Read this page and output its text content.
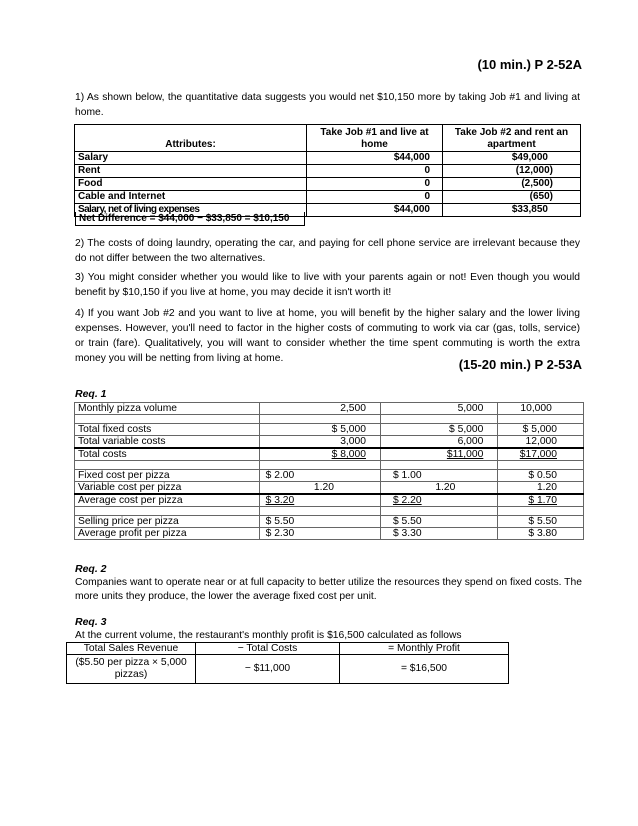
(10 min.) P 2-52A
1) As shown below, the quantitative data suggests you would net $10,150 more by taking Job #1 and living at home.
Attributes:	Take Job #1 and live at home	Take Job #2 and rent an apartment
Salary	$44,000	$49,000
Rent	0	(12,000)
Food	0	(2,500)
Cable and Internet	0	(650)
Salary, net of living expenses	$44,000	$33,850
Net Difference = $44,000 − $33,850 = $10,150
2) The costs of doing laundry, operating the car, and paying for cell phone service are irrelevant because they do not differ between the two alternatives.
3) You might consider whether you would like to live with your parents again or not! Even though you would benefit by $10,150 if you live at home, you may decide it isn't worth it!
4) If you want Job #2 and you want to live at home, you will benefit by the higher salary and the lower living expenses. However, you'll need to factor in the higher costs of commuting to work via car (gas, tolls, service) or train (fare). Qualitatively, you will want to consider whether the time spent commuting is worth the extra money you will be netting from living at home.	(15-20 min.) P 2-53A
Req. 1
Monthly pizza volume	2,500	5,000	10,000

Total fixed costs	$ 5,000	$ 5,000	$ 5,000
Total variable costs	3,000	6,000	12,000
Total costs	$ 8,000	$11,000	$17,000

Fixed cost per pizza	$ 2.00	$ 1.00	$ 0.50
Variable cost per pizza	1.20	1.20	1.20
Average cost per pizza	$ 3.20	$ 2.20	$ 1.70

Selling price per pizza	$ 5.50	$ 5.50	$ 5.50
Average profit per pizza	$ 2.30	$ 3.30	$ 3.80
Req. 2
Companies want to operate near or at full capacity to better utilize the resources they spend on fixed costs. The more units they produce, the lower the average fixed cost per unit.
Req. 3
At the current volume, the restaurant's monthly profit is $16,500 calculated as follows
Total Sales Revenue	− Total Costs	= Monthly Profit
($5.50 per pizza × 5,000 pizzas)	− $11,000	= $16,500
